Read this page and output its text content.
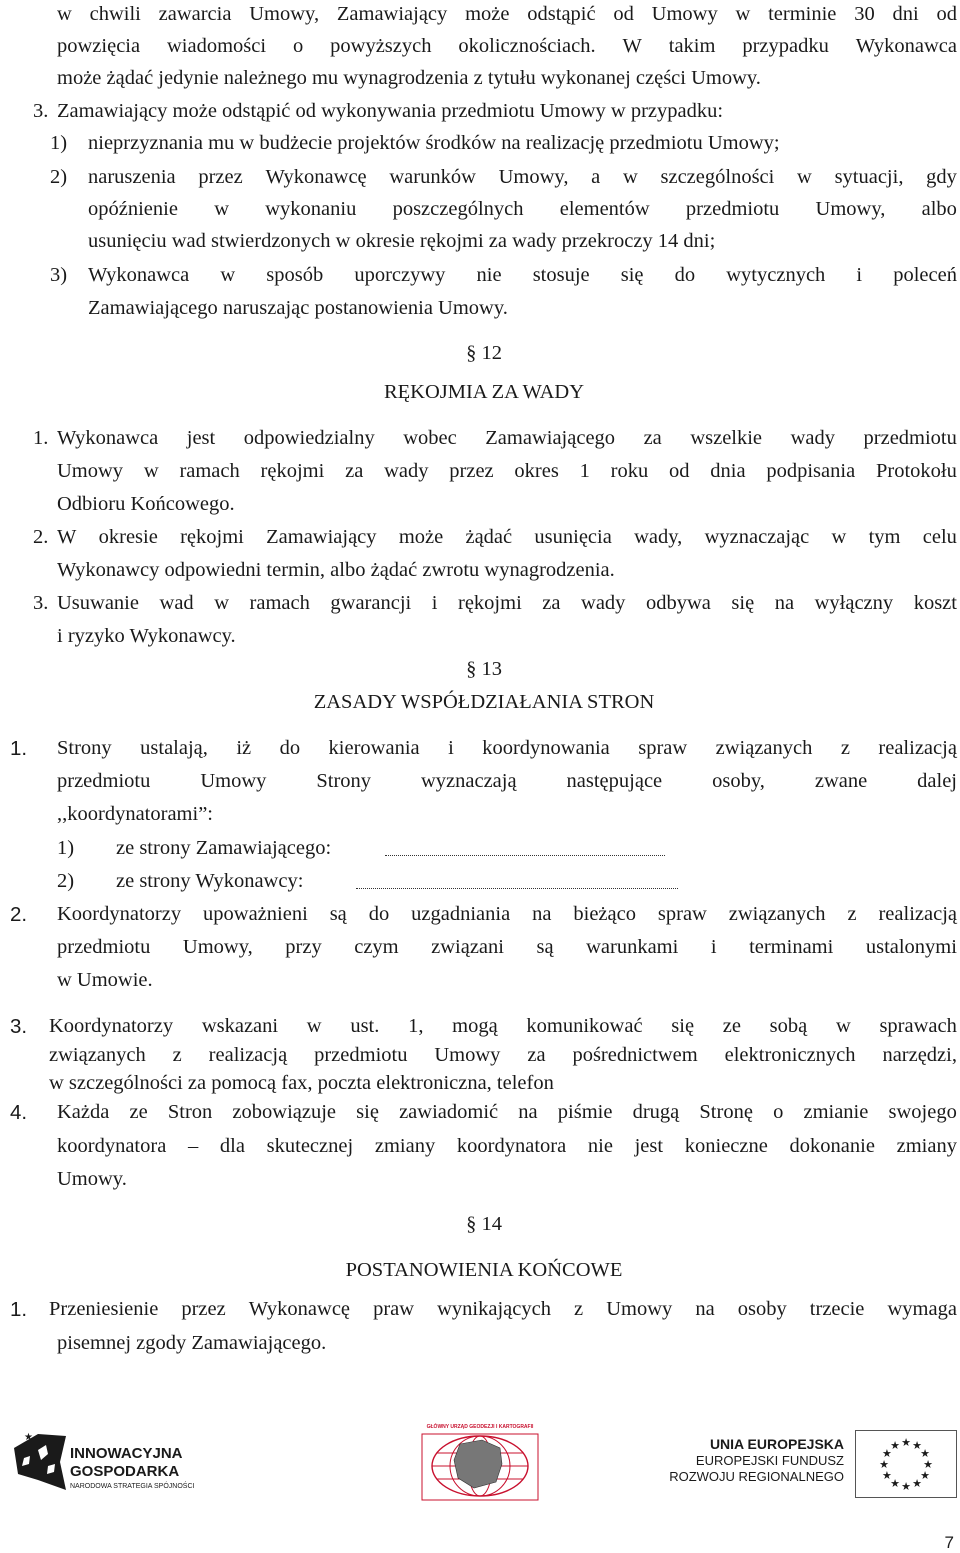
w chwili zawarcia Umowy, Zamawiający może odstąpić od Umowy w terminie 30 dni od
powzięcia wiadomości o powyższych okolicznościach. W takim przypadku Wykonawca
może żądać jedynie należnego mu wynagrodzenia z tytułu wykonanej części Umowy.
3. Zamawiający może odstąpić od wykonywania przedmiotu Umowy w przypadku:
1) nieprzyznania mu w budżecie projektów środków na realizację przedmiotu Umowy;
2) naruszenia przez Wykonawcę warunków Umowy, a w szczególności w sytuacji, gdy
opóźnienie w wykonaniu poszczególnych elementów przedmiotu Umowy, albo
usunięciu wad stwierdzonych w okresie rękojmi za wady przekroczy 14 dni;
3) Wykonawca w sposób uporczywy nie stosuje się do wytycznych i poleceń
Zamawiającego naruszając postanowienia Umowy.
§ 12
RĘKOJMIA ZA WADY
1. Wykonawca jest odpowiedzialny wobec Zamawiającego za wszelkie wady przedmiotu
Umowy w ramach rękojmi za wady przez okres 1 roku od dnia podpisania Protokołu
Odbioru Końcowego.
2. W okresie rękojmi Zamawiający może żądać usunięcia wady, wyznaczając w tym celu
Wykonawcy odpowiedni termin, albo żądać zwrotu wynagrodzenia.
3. Usuwanie wad w ramach gwarancji i rękojmi za wady odbywa się na wyłączny koszt
i ryzyko Wykonawcy.
§ 13
ZASADY WSPÓŁDZIAŁANIA STRON
1. Strony ustalają, iż do kierowania i koordynowania spraw związanych z realizacją
przedmiotu Umowy Strony wyznaczają następujące osoby, zwane dalej
,,koordynatorami”:
1) ze strony Zamawiającego:
2) ze strony Wykonawcy:
2. Koordynatorzy upoważnieni są do uzgadniania na bieżąco spraw związanych z realizacją
przedmiotu Umowy, przy czym związani są warunkami i terminami ustalonymi
w Umowie.
3. Koordynatorzy wskazani w ust. 1, mogą komunikować się ze sobą w sprawach
związanych z realizacją przedmiotu Umowy za pośrednictwem elektronicznych narzędzi,
w szczególności za pomocą fax, poczta elektroniczna, telefon
4. Każda ze Stron zobowiązuje się zawiadomić na piśmie drugą Stronę o zmianie swojego
koordynatora – dla skutecznej zmiany koordynatora nie jest konieczne dokonanie zmiany
Umowy.
§ 14
POSTANOWIENIA KOŃCOWE
1. Przeniesienie przez Wykonawcę praw wynikających z Umowy na osoby trzecie wymaga
pisemnej zgody Zamawiającego.
★
INNOWACYJNA
GOSPODARKA
NARODOWA STRATEGIA SPÓJNOŚCI
GŁÓWNY URZĄD GEODEZJI I KARTOGRAFII
UNIA EUROPEJSKA
EUROPEJSKI FUNDUSZ
ROZWOJU REGIONALNEGO
★ ★
★
★
★
★
★
★
★
★
★
★
7
